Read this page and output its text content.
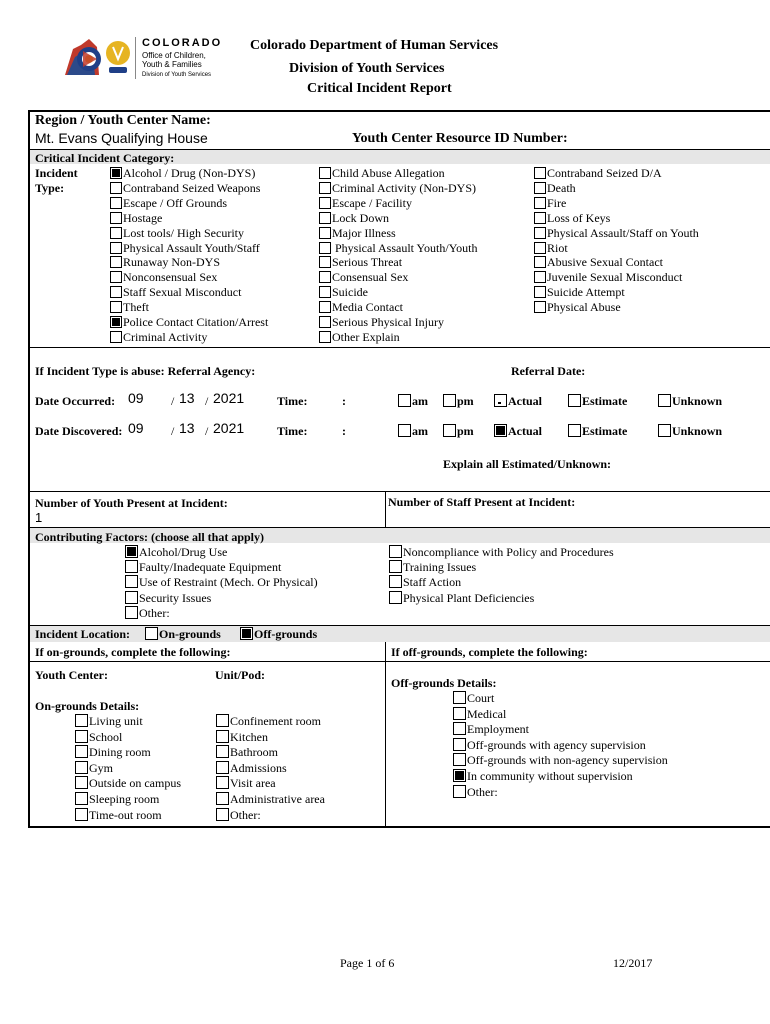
COLORADO
Office of Children,
Youth & Families
Division of Youth Services
Colorado Department of Human Services
Division of Youth Services
Critical Incident Report
Region / Youth Center Name:
Mt. Evans Qualifying House	Youth Center Resource ID Number:
Critical Incident Category:
Incident
Type:
Alcohol / Drug (Non-DYS)
Contraband Seized Weapons
Escape / Off Grounds
Hostage
Lost tools/ High Security
Physical Assault Youth/Staff
Runaway Non-DYS
Nonconsensual Sex
Staff Sexual Misconduct
Theft
Police Contact Citation/Arrest
Criminal Activity
Child Abuse Allegation
Criminal Activity (Non-DYS)
Escape / Facility
Lock Down
Major Illness
Physical Assault Youth/Youth
Serious Threat
Consensual Sex
Suicide
Media Contact
Serious Physical Injury
Other Explain
Contraband Seized D/A
Death
Fire
Loss of Keys
Physical Assault/Staff on Youth
Riot
Abusive Sexual Contact
Juvenile Sexual Misconduct
Suicide Attempt
Physical Abuse
If Incident Type is abuse: Referral Agency:	Referral Date:
Date Occurred: 09 / 13 / 2021	Time:	:	am	pm	Actual	Estimate	Unknown
Date Discovered: 09 / 13 / 2021	Time:	:	am	pm	Actual	Estimate	Unknown
Explain all Estimated/Unknown:
Number of Youth Present at Incident:
1
Number of Staff Present at Incident:
Contributing Factors: (choose all that apply)
Alcohol/Drug Use
Faulty/Inadequate Equipment
Use of Restraint (Mech. Or Physical)
Security Issues
Other:
Noncompliance with Policy and Procedures
Training Issues
Staff Action
Physical Plant Deficiencies
Incident Location:	On-grounds	Off-grounds
If on-grounds, complete the following:	If off-grounds, complete the following:
Youth Center:	Unit/Pod:
On-grounds Details:
Living unit
School
Dining room
Gym
Outside on campus
Sleeping room
Time-out room
Confinement room
Kitchen
Bathroom
Admissions
Visit area
Administrative area
Other:
Off-grounds Details:
Court
Medical
Employment
Off-grounds with agency supervision
Off-grounds with non-agency supervision
In community without supervision
Other:
Page 1 of 6	12/2017
